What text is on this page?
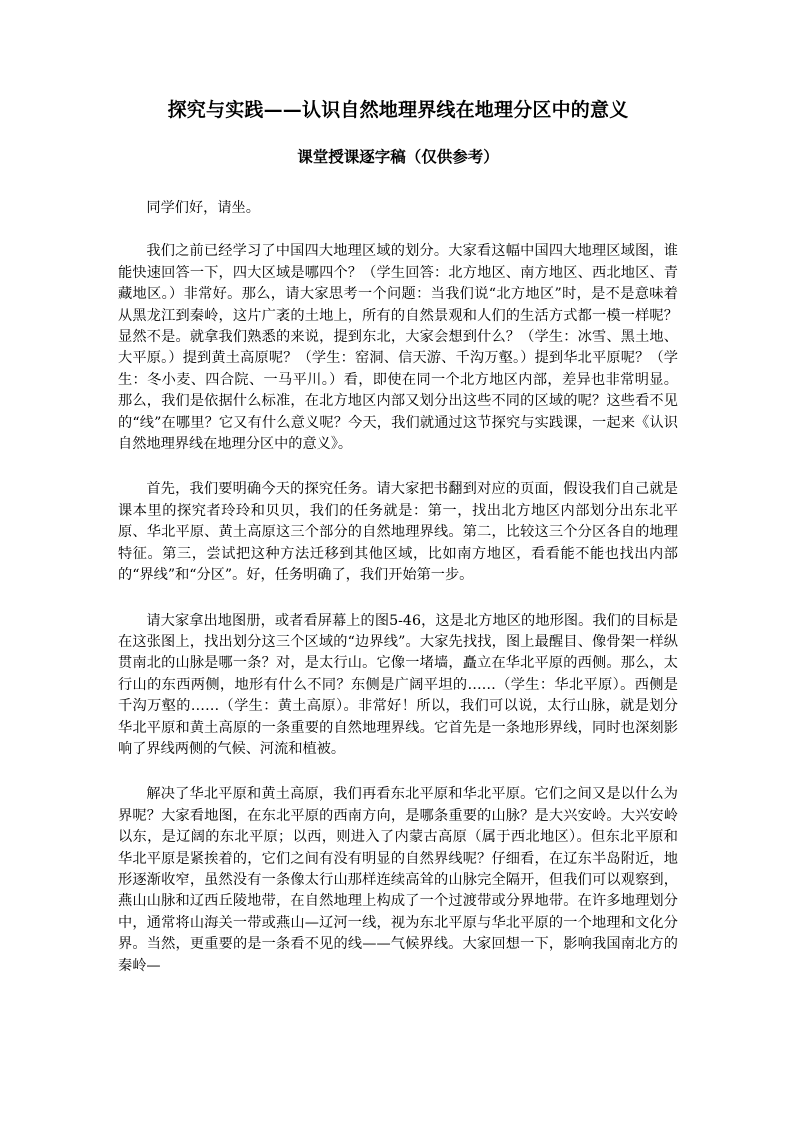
探究与实践——认识自然地理界线在地理分区中的意义
课堂授课逐字稿（仅供参考）

同学们好，请坐。

我们之前已经学习了中国四大地理区域的划分。大家看这幅中国四大地理区域图，谁能快速回答一下，四大区域是哪四个？（学生回答：北方地区、南方地区、西北地区、青藏地区。）非常好。那么，请大家思考一个问题：当我们说“北方地区”时，是不是意味着从黑龙江到秦岭，这片广袤的土地上，所有的自然景观和人们的生活方式都一模一样呢？显然不是。就拿我们熟悉的来说，提到东北，大家会想到什么？（学生：冰雪、黑土地、大平原。）提到黄土高原呢？（学生：窑洞、信天游、千沟万壑。）提到华北平原呢？（学生：冬小麦、四合院、一马平川。）看，即使在同一个北方地区内部，差异也非常明显。那么，我们是依据什么标准，在北方地区内部又划分出这些不同的区域的呢？这些看不见的“线”在哪里？它又有什么意义呢？今天，我们就通过这节探究与实践课，一起来《认识自然地理界线在地理分区中的意义》。

首先，我们要明确今天的探究任务。请大家把书翻到对应的页面，假设我们自己就是课本里的探究者玲玲和贝贝，我们的任务就是：第一，找出北方地区内部划分出东北平原、华北平原、黄土高原这三个部分的自然地理界线。第二，比较这三个分区各自的地理特征。第三，尝试把这种方法迁移到其他区域，比如南方地区，看看能不能也找出内部的“界线”和“分区”。好，任务明确了，我们开始第一步。

请大家拿出地图册，或者看屏幕上的图5-46，这是北方地区的地形图。我们的目标是在这张图上，找出划分这三个区域的“边界线”。大家先找找，图上最醒目、像骨架一样纵贯南北的山脉是哪一条？对，是太行山。它像一堵墙，矗立在华北平原的西侧。那么，太行山的东西两侧，地形有什么不同？东侧是广阔平坦的……（学生：华北平原）。西侧是千沟万壑的……（学生：黄土高原）。非常好！所以，我们可以说，太行山脉，就是划分华北平原和黄土高原的一条重要的自然地理界线。它首先是一条地形界线，同时也深刻影响了界线两侧的气候、河流和植被。

解决了华北平原和黄土高原，我们再看东北平原和华北平原。它们之间又是以什么为界呢？大家看地图，在东北平原的西南方向，是哪条重要的山脉？是大兴安岭。大兴安岭以东，是辽阔的东北平原；以西，则进入了内蒙古高原（属于西北地区）。但东北平原和华北平原是紧挨着的，它们之间有没有明显的自然界线呢？仔细看，在辽东半岛附近，地形逐渐收窄，虽然没有一条像太行山那样连续高耸的山脉完全隔开，但我们可以观察到，燕山山脉和辽西丘陵地带，在自然地理上构成了一个过渡带或分界地带。在许多地理划分中，通常将山海关一带或燕山—辽河一线，视为东北平原与华北平原的一个地理和文化分界。当然，更重要的是一条看不见的线——气候界线。大家回想一下，影响我国南北方的秦岭—
